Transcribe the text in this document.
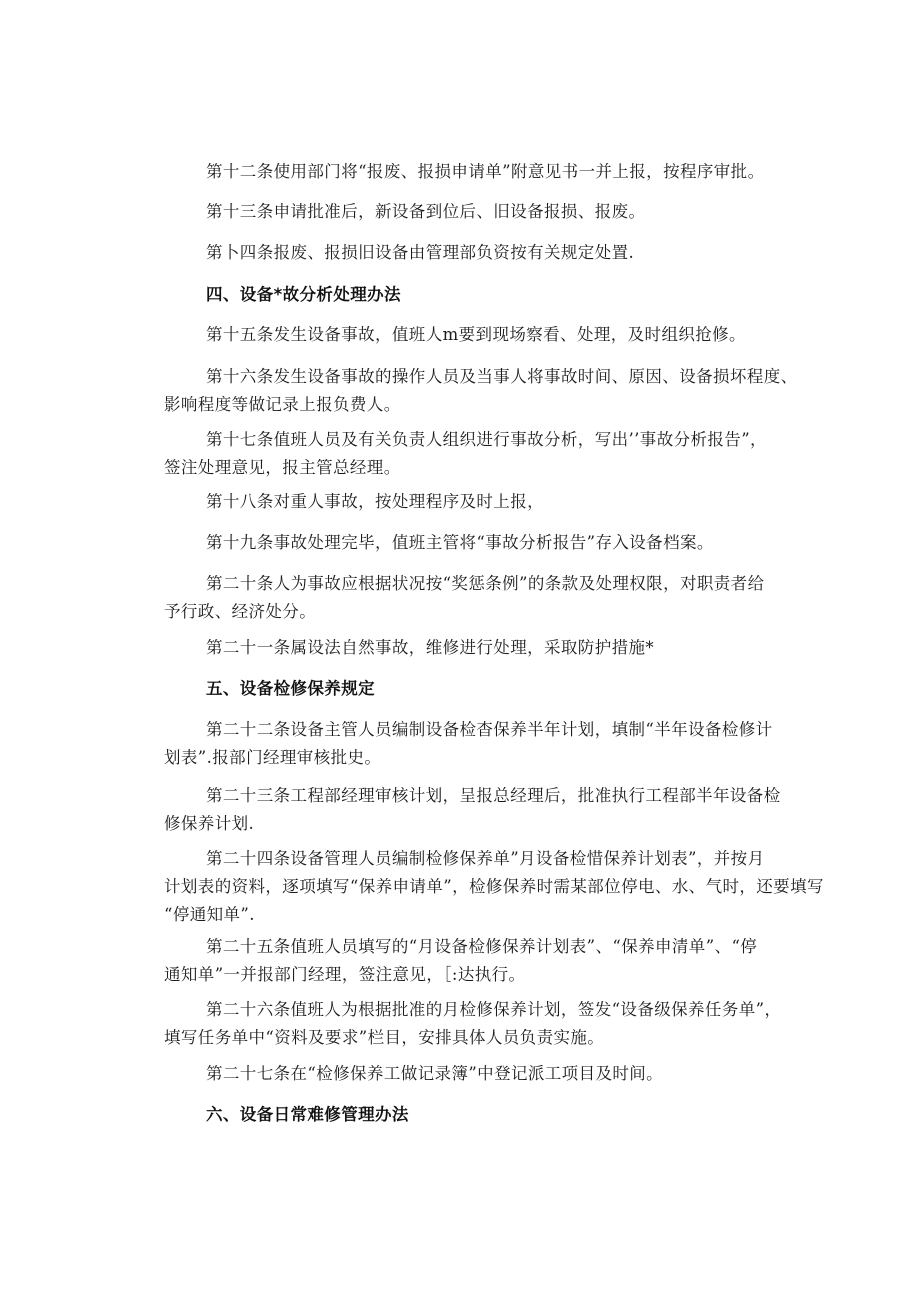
第十二条使用部门将“报废、报损申请单”附意见书一并上报，按程序审批。
第十三条申请批准后，新设备到位后、旧设备报损、报废。
第卜四条报废、报损旧设备由管理部负资按有关规定处置.
四、设备*故分析处理办法
第十五条发生设备事故，值班人m要到现场察看、处理，及时组织抢修。
第十六条发生设备事故的操作人员及当事人将事故时间、原因、设备损坏程度、
影响程度等做记录上报负费人。
第十七条值班人员及有关负责人组织进行事故分析，写出’’事故分析报告”，
签注处理意见，报主管总经理。
第十八条对重人事故，按处理程序及时上报，
第十九条事故处理完毕，值班主管将“事故分析报告”存入设备档案。
第二十条人为事故应根据状况按“奖惩条例”的条款及处理权限，对职责者给
予行政、经济处分。
第二十一条属设法自然事故，维修进行处理，采取防护措施*
五、设备检修保养规定
第二十二条设备主管人员编制设备检杳保养半年计划，填制“半年设备检修计
划表”.报部门经理审核批史。
第二十三条工程部经理审核计划，呈报总经理后，批准执行工程部半年设备检
修保养计划.
第二十四条设备管理人员编制检修保养单”月设备检惜保养计划表”，并按月
计划表的资料，逐项填写“保养申请单”，检修保养时需某部位停电、水、气时，还要填写
“停通知单”.
第二十五条值班人员填写的“月设备检修保养计划表”、“保养申清单”、“停
通知单”一并报部门经理，签注意见，［:达执行。
第二十六条值班人为根据批准的月检修保养计划，签发“设备级保养任务单”，
填写任务单中“资料及要求”栏目，安排具体人员负责实施。
第二十七条在“检修保养工做记录簿”中登记派工项目及时间。
六、设备日常难修管理办法
